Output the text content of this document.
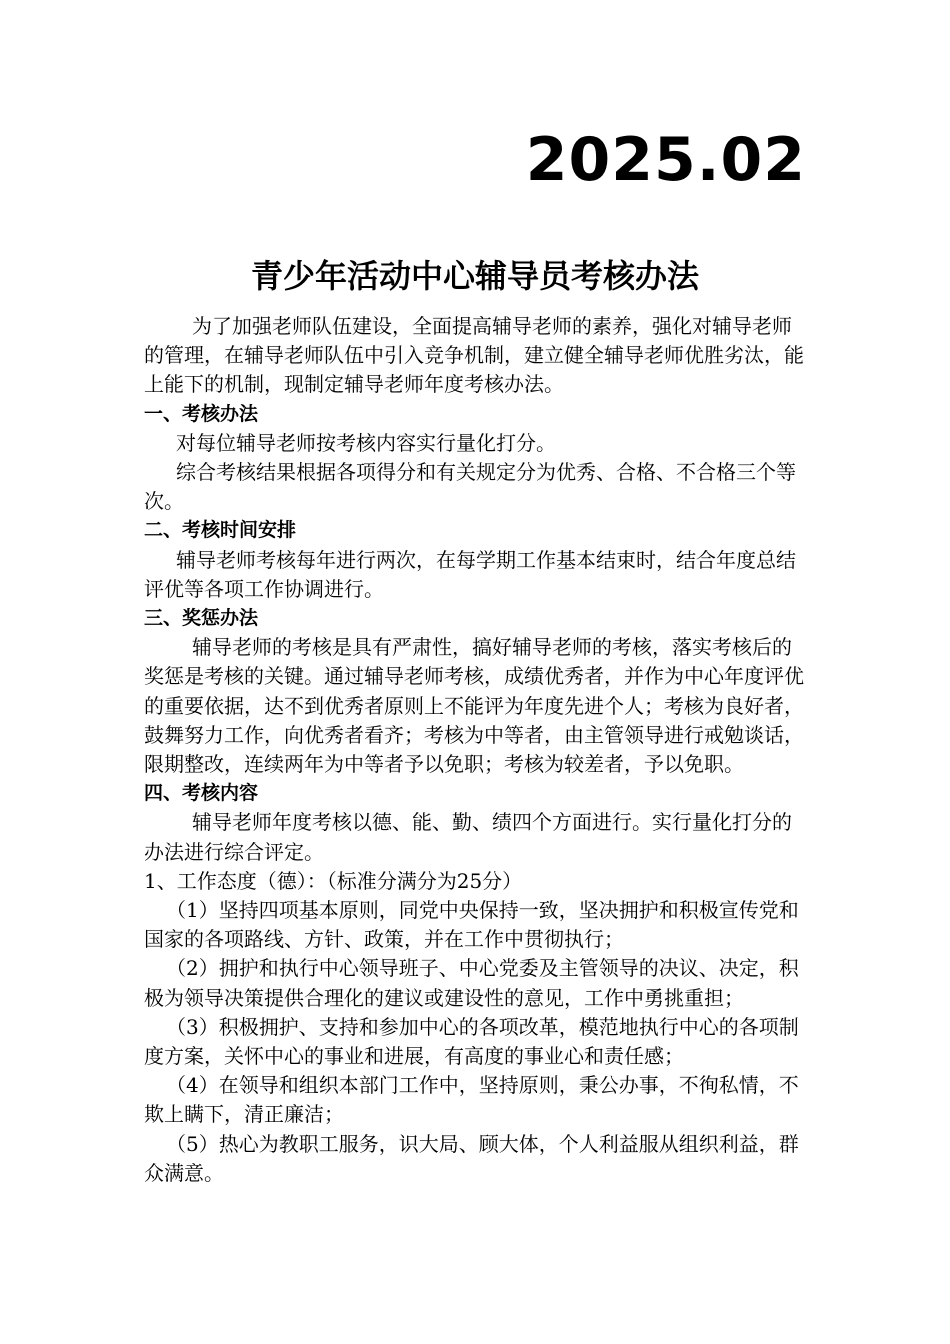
2025.02
青少年活动中心辅导员考核办法

为了加强老师队伍建设，全面提高辅导老师的素养，强化对辅导老师的管理，在辅导老师队伍中引入竞争机制，建立健全辅导老师优胜劣汰，能上能下的机制，现制定辅导老师年度考核办法。

一、考核办法

对每位辅导老师按考核内容实行量化打分。

综合考核结果根据各项得分和有关规定分为优秀、合格、不合格三个等次。

二、考核时间安排

辅导老师考核每年进行两次，在每学期工作基本结束时，结合年度总结评优等各项工作协调进行。

三、奖惩办法

辅导老师的考核是具有严肃性，搞好辅导老师的考核，落实考核后的奖惩是考核的关键。通过辅导老师考核，成绩优秀者，并作为中心年度评优的重要依据，达不到优秀者原则上不能评为年度先进个人；考核为良好者，鼓舞努力工作，向优秀者看齐；考核为中等者，由主管领导进行戒勉谈话，限期整改，连续两年为中等者予以免职；考核为较差者，予以免职。

四、考核内容

辅导老师年度考核以德、能、勤、绩四个方面进行。实行量化打分的办法进行综合评定。

1、工作态度（德）：（标准分满分为25分）

（1）坚持四项基本原则，同党中央保持一致，坚决拥护和积极宣传党和国家的各项路线、方针、政策，并在工作中贯彻执行；

（2）拥护和执行中心领导班子、中心党委及主管领导的决议、决定，积极为领导决策提供合理化的建议或建设性的意见，工作中勇挑重担；

（3）积极拥护、支持和参加中心的各项改革，模范地执行中心的各项制度方案，关怀中心的事业和进展，有高度的事业心和责任感；

（4）在领导和组织本部门工作中，坚持原则，秉公办事，不徇私情，不欺上瞒下，清正廉洁；

（5）热心为教职工服务，识大局、顾大体，个人利益服从组织利益，群众满意。
